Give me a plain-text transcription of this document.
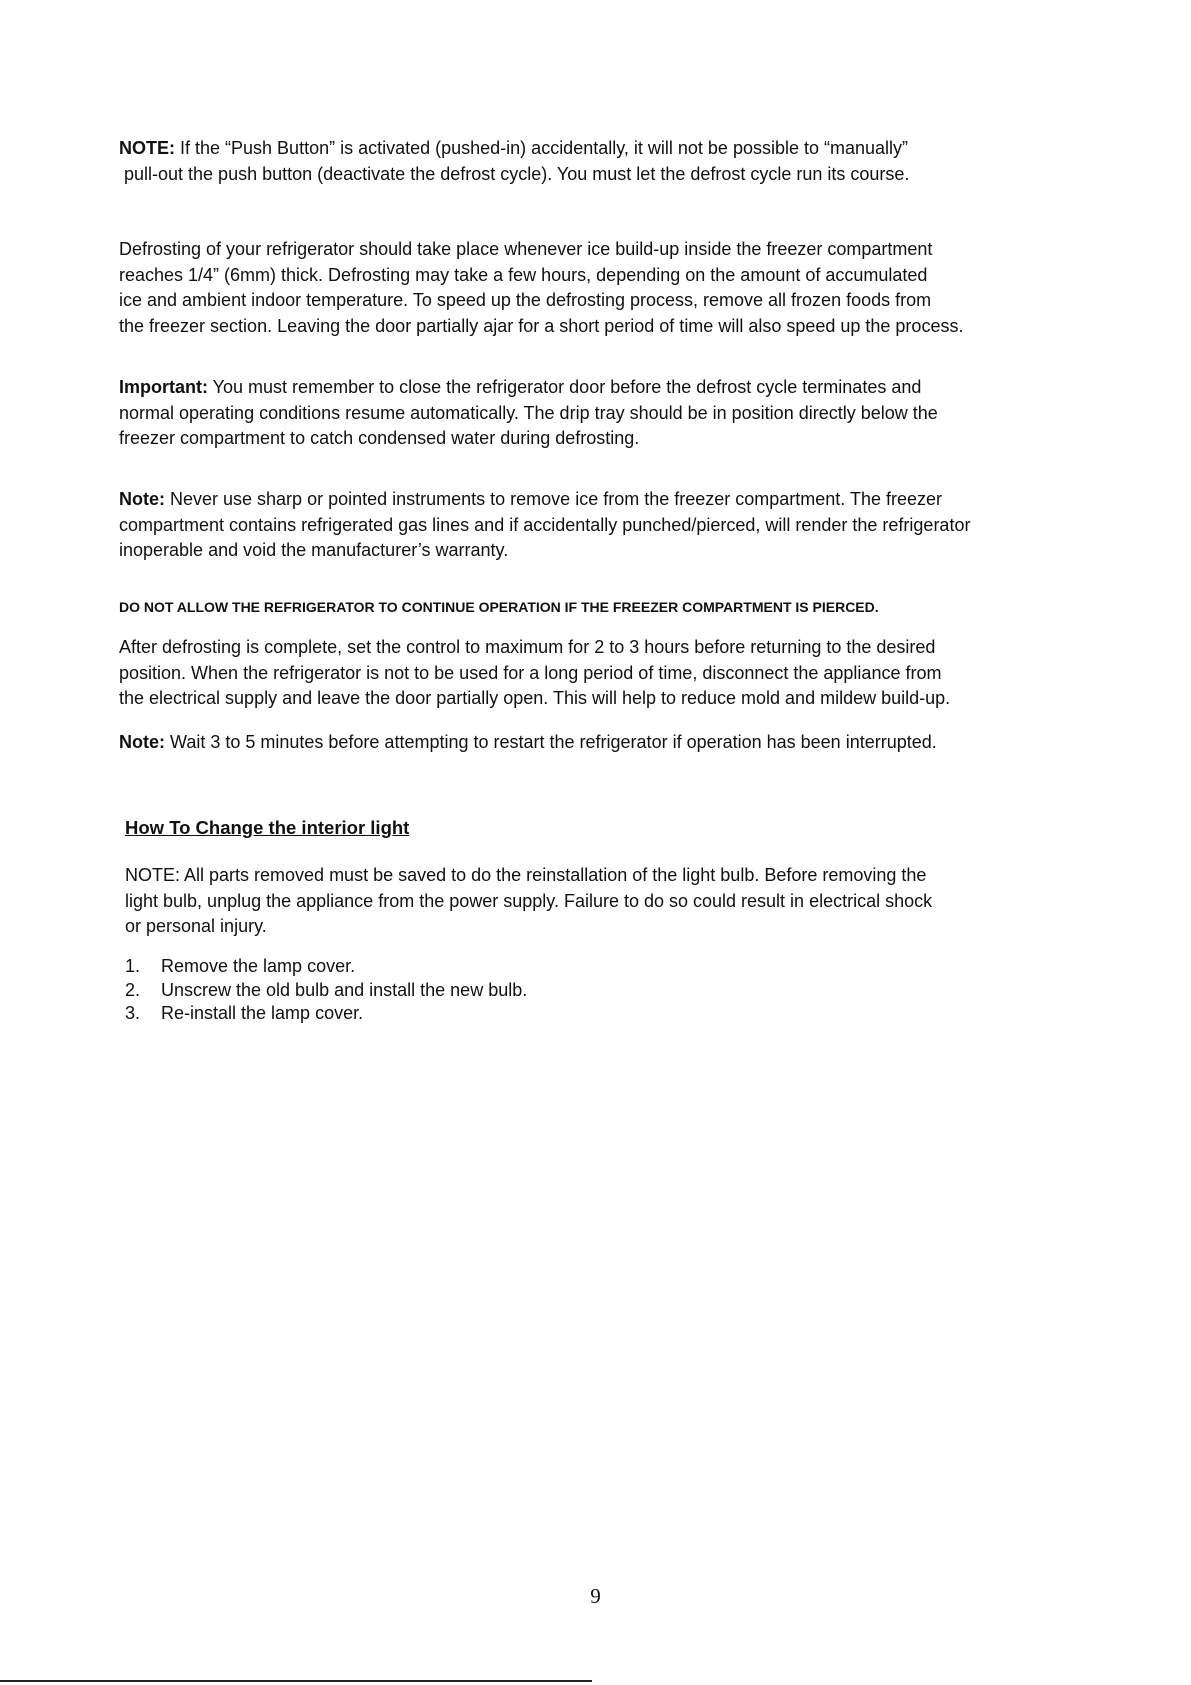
NOTE: If the “Push Button” is activated (pushed-in) accidentally, it will not be possible to “manually”
pull-out the push button (deactivate the defrost cycle). You must let the defrost cycle run its course.
Defrosting of your refrigerator should take place whenever ice build-up inside the freezer compartment
reaches 1/4” (6mm) thick. Defrosting may take a few hours, depending on the amount of accumulated
ice and ambient indoor temperature. To speed up the defrosting process, remove all frozen foods from
the freezer section. Leaving the door partially ajar for a short period of time will also speed up the process.
Important: You must remember to close the refrigerator door before the defrost cycle terminates and
normal operating conditions resume automatically. The drip tray should be in position directly below the
freezer compartment to catch condensed water during defrosting.
Note: Never use sharp or pointed instruments to remove ice from the freezer compartment. The freezer
compartment contains refrigerated gas lines and if accidentally punched/pierced, will render the refrigerator
inoperable and void the manufacturer’s warranty.
DO NOT ALLOW THE REFRIGERATOR TO CONTINUE OPERATION IF THE FREEZER COMPARTMENT IS PIERCED.
After defrosting is complete, set the control to maximum for 2 to 3 hours before returning to the desired
position. When the refrigerator is not to be used for a long period of time, disconnect the appliance from
the electrical supply and leave the door partially open. This will help to reduce mold and mildew build-up.
Note: Wait 3 to 5 minutes before attempting to restart the refrigerator if operation has been interrupted.
How To Change the interior light
NOTE: All parts removed must be saved to do the reinstallation of the light bulb. Before removing the
light bulb, unplug the appliance from the power supply. Failure to do so could result in electrical shock
or personal injury.
1.	Remove the lamp cover.
2.	Unscrew the old bulb and install the new bulb.
3.	Re-install the lamp cover.
9
